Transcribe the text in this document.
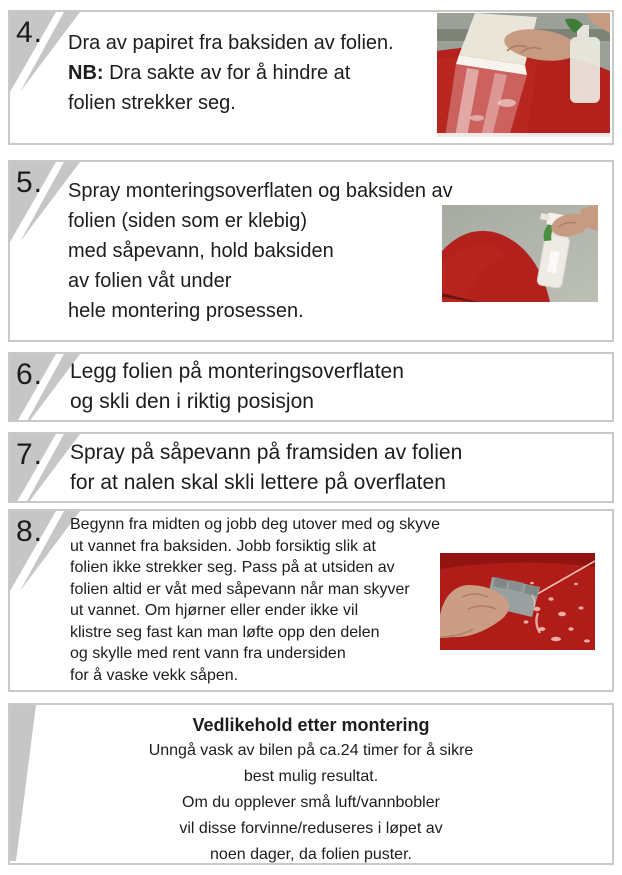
4. Dra av papiret fra baksiden av folien.
NB: Dra sakte av for å hindre at
folien strekker seg.
5. Spray monteringsoverflaten og baksiden av
folien (siden som er klebig)
med såpevann, hold baksiden
av folien våt under
hele montering prosessen.
6. Legg folien på monteringsoverflaten
og skli den i riktig posisjon
7. Spray på såpevann på framsiden av folien
for at nalen skal skli lettere på overflaten
8. Begynn fra midten og jobb deg utover med og skyve
ut vannet fra baksiden. Jobb forsiktig slik at
folien ikke strekker seg. Pass på at utsiden av
folien altid er våt med såpevann når man skyver
ut vannet. Om hjørner eller ender ikke vil
klistre seg fast kan man løfte opp den delen
og skylle med rent vann fra undersiden
for å vaske vekk såpen.
Vedlikehold etter montering
Unngå vask av bilen på ca.24 timer for å sikre
best mulig resultat.
Om du opplever små luft/vannbobler
vil disse forvinne/reduseres i løpet av
noen dager, da folien puster.
